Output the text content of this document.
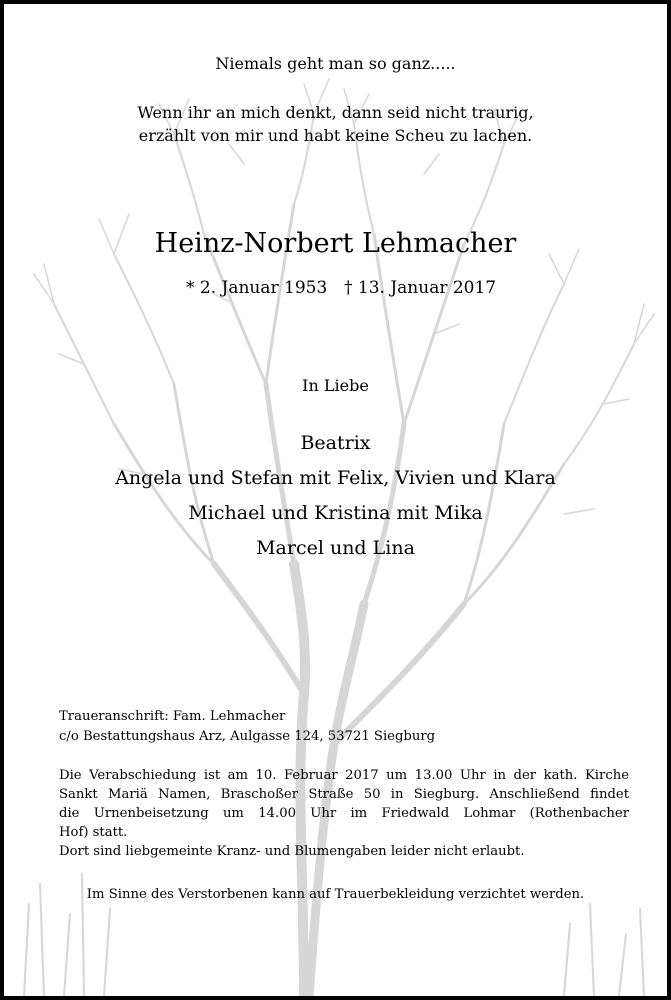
Niemals geht man so ganz.....
Wenn ihr an mich denkt, dann seid nicht traurig,
erzählt von mir und habt keine Scheu zu lachen.
Heinz-Norbert Lehmacher
* 2. Januar 1953 † 13. Januar 2017
In Liebe
Beatrix
Angela und Stefan mit Felix, Vivien und Klara
Michael und Kristina mit Mika
Marcel und Lina
Traueranschrift: Fam. Lehmacher
c/o Bestattungshaus Arz, Aulgasse 124, 53721 Siegburg
Die Verabschiedung ist am 10. Februar 2017 um 13.00 Uhr in der kath. Kirche
Sankt Mariä Namen, Braschoßer Straße 50 in Siegburg. Anschließend findet
die Urnenbeisetzung um 14.00 Uhr im Friedwald Lohmar (Rothenbacher
Hof) statt.
Dort sind liebgemeinte Kranz- und Blumengaben leider nicht erlaubt.
Im Sinne des Verstorbenen kann auf Trauerbekleidung verzichtet werden.
